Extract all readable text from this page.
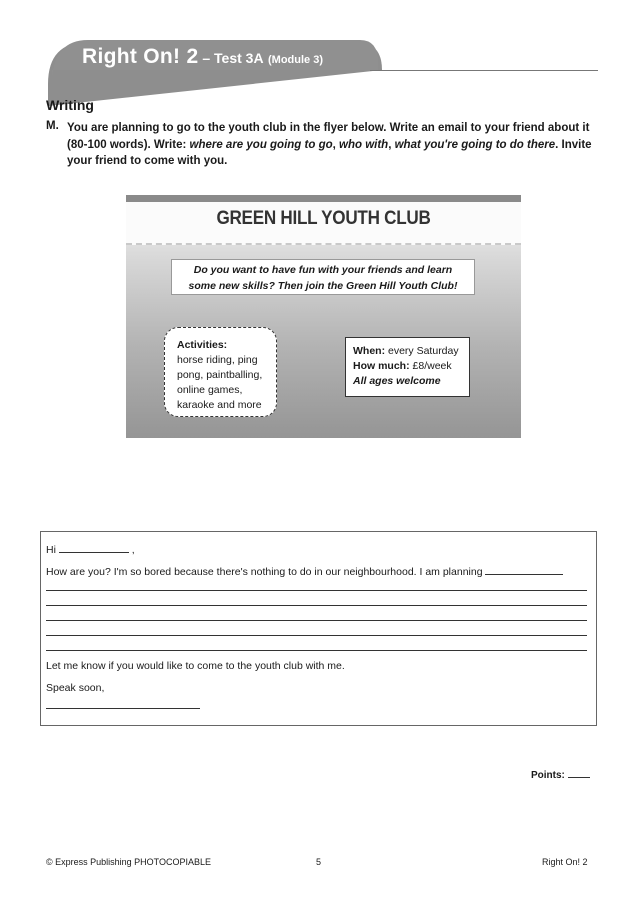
Right On! 2 – Test 3A (Module 3)
Writing
M. You are planning to go to the youth club in the flyer below. Write an email to your friend about it (80-100 words). Write: where are you going to go, who with, what you're going to do there. Invite your friend to come with you.
GREEN HILL YOUTH CLUB
Do you want to have fun with your friends and learn
some new skills? Then join the Green Hill Youth Club!
Activities:
horse riding, ping
pong, paintballing,
online games,
karaoke and more
When: every Saturday
How much: £8/week
All ages welcome
Hi	,
How are you? I'm so bored because there's nothing to do in our neighbourhood. I am planning
Let me know if you would like to come to the youth club with me.
Speak soon,
Points:
© Express Publishing PHOTOCOPIABLE	5	Right On! 2
